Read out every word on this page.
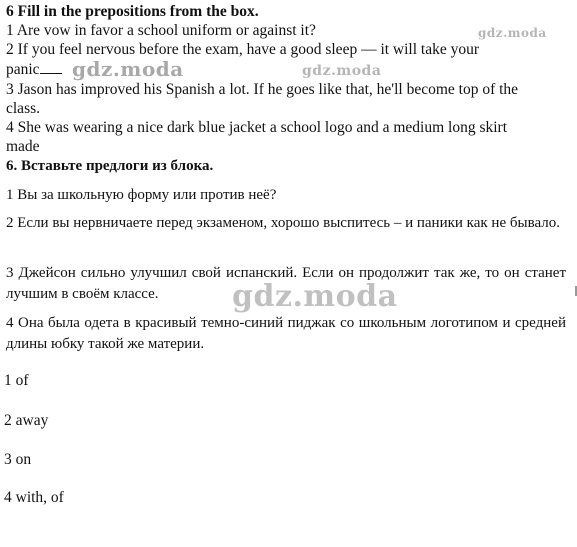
6 Fill in the prepositions from the box.
1 Are vow in favor a school uniform or against it?
2 If you feel nervous before the exam, have a good sleep — it will take your
panic
3 Jason has improved his Spanish a lot. If he goes like that, he'll become top of the
class.
4 She was wearing a nice dark blue jacket a school logo and a medium long skirt
made
6. Вставьте предлоги из блока.
1 Вы за школьную форму или против неё?
2 Если вы нервничаете перед экзаменом, хорошо выспитесь – и паники как не бывало.
3 Джейсон сильно улучшил свой испанский. Если он продолжит так же, то он станет лучшим в своём классе.
4 Она была одета в красивый темно-синий пиджак со школьным логотипом и средней длины юбку такой же материи.
1 of
2 away
3 on
4 with, of
gdz.moda
gdz.moda	gdz.moda
gdz.moda
